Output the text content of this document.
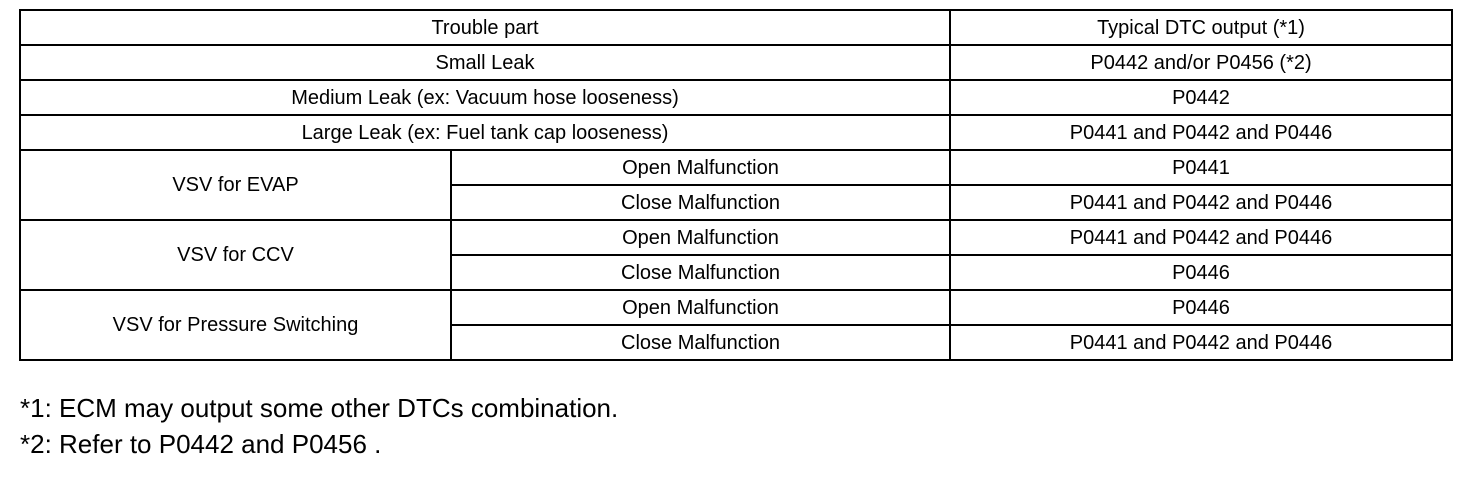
Trouble part		Typical DTC output (*1)
Small Leak		P0442 and/or P0456 (*2)
Medium Leak (ex: Vacuum hose looseness)		P0442
Large Leak (ex: Fuel tank cap looseness)		P0441 and P0442 and P0446
VSV for EVAP	Open Malfunction	P0441
	Close Malfunction	P0441 and P0442 and P0446
VSV for CCV	Open Malfunction	P0441 and P0442 and P0446
	Close Malfunction	P0446
VSV for Pressure Switching	Open Malfunction	P0446
	Close Malfunction	P0441 and P0442 and P0446
*1: ECM may output some other DTCs combination.
*2: Refer to P0442 and P0456 .
